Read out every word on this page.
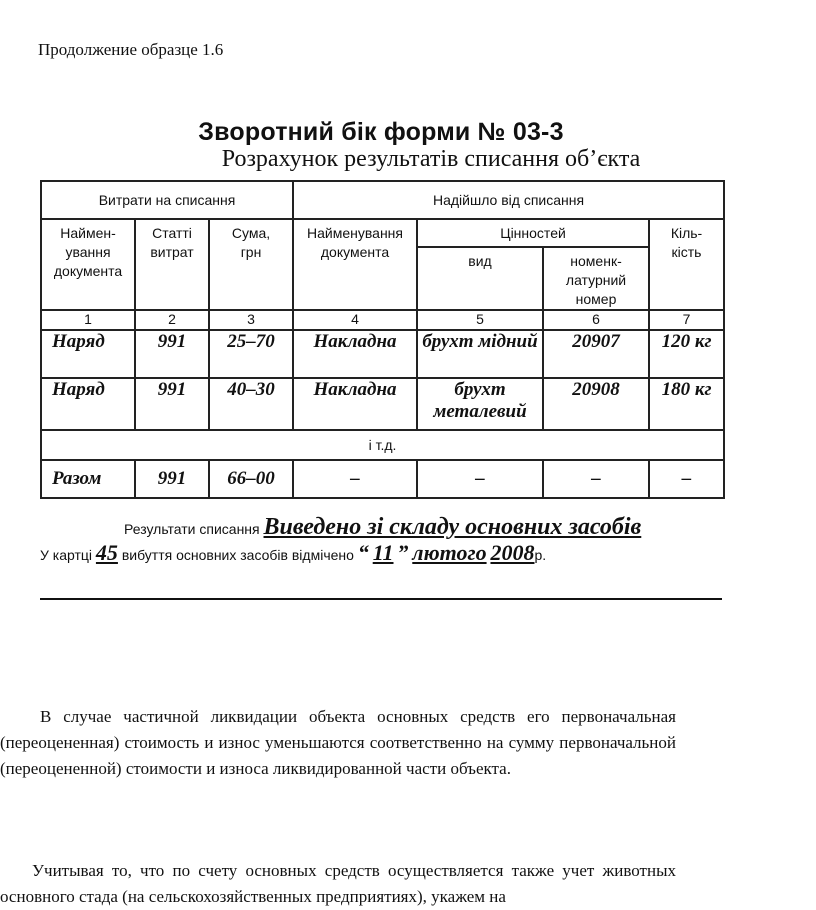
Продолжение образце 1.6
Зворотний бік форми № 03-3
Розрахунок результатів списання об’єкта
Витрати на списання			Надійшло від списання			

Найменування документа	Статті витрат	Сума, грн	Найменування документа	Цінностей		Кількість

				вид	номенклатурний номер	

1	2	3	4	5	6	7
Наряд	991	25–70	Накладна	брухт мідний	20907	120 кг
Наряд	991	40–30	Накладна	брухт металевий	20908	180 кг
і т.д.						
Разом	991	66–00	–	–	–	–
Результати списання Виведено зі складу основних засобів
У картці 45 вибуття основних засобів відмічено “ 11 ” лютого 2008р.
В случае частичной ликвидации объекта основных средств его первоначальная (переоцененная) стоимость и износ уменьшаются соответственно на сумму первоначальной (переоцененной) стоимости и износа ликвидированной части объекта.
Учитывая то, что по счету основных средств осуществляется также учет животных основного стада (на сельскохозяйственных предприятиях), укажем на
